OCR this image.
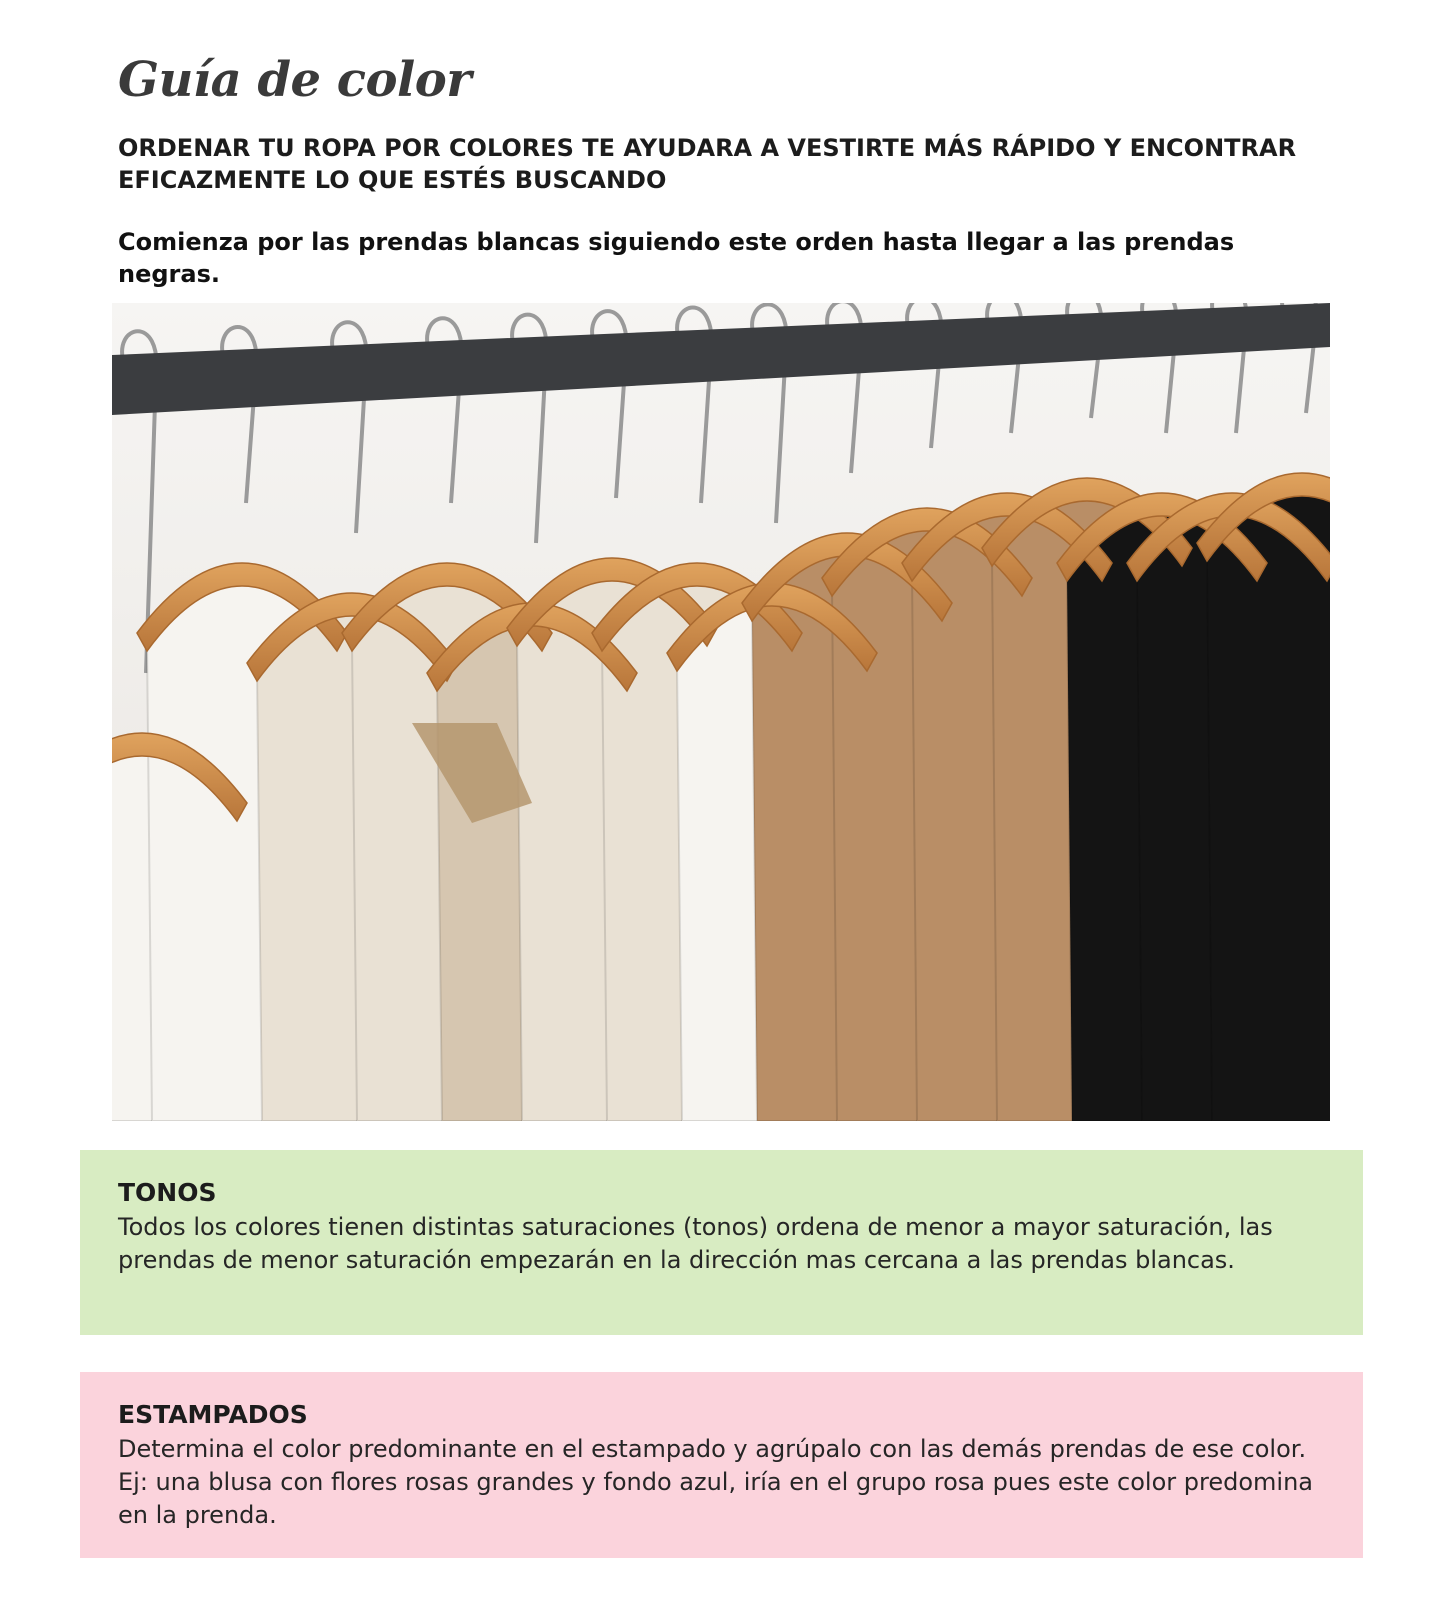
Guía de color

ORDENAR TU ROPA POR COLORES TE AYUDARA A VESTIRTE MÁS RÁPIDO Y ENCONTRAR EFICAZMENTE LO QUE ESTÉS BUSCANDO

Comienza por las prendas blancas siguiendo este orden hasta llegar a las prendas negras.

TONOS

Todos los colores tienen distintas saturaciones (tonos) ordena de menor a mayor saturación, las prendas de menor saturación empezarán en la dirección mas cercana a las prendas blancas.

ESTAMPADOS

Determina el color predominante en el estampado y agrúpalo con las demás prendas de ese color. Ej: una blusa con flores rosas grandes y fondo azul, iría en el grupo rosa pues este color predomina en la prenda.
